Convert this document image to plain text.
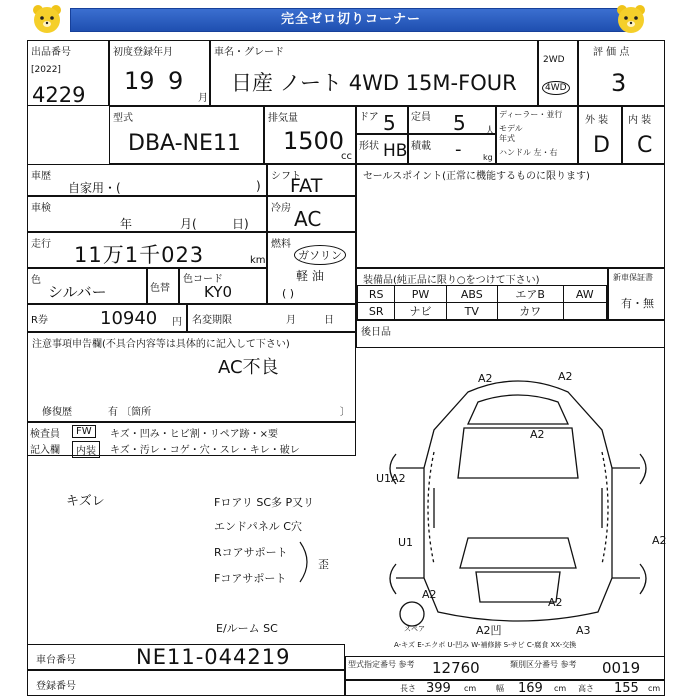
完全ゼロ切りコーナー
出品番号
[2022]
4229
初度登録年月
19 9
月
車名・グレード
日産 ノート 4WD 15M-FOUR
2WD
4WD
評 価 点
3
型式
DBA-NE11
排気量
1500
cc
ドア 5 定員 5 人
形状 HB 積載 -	kg
ディーラー・並行
モデル
年式
ハンドル 左・右
外 装
D
内 装
C
車歴
自家用・(	)
シフト
FAT
車検
年	月(	日)
冷房 AC
走行 11万1千023	km
燃料
ガソリン
軽 油
( )
色
シルバー	色替
色コード
KY0
セールスポイント(正常に機能するものに限ります)
装備品(純正品に限り○をつけて下さい)
RS	PW	ABS	エアB	AW
SR	ナビ	TV	カワ	
新車保証書
有・無
後日品
R券	10940 円 名変期限	月	日
注意事項申告欄(不具合内容等は具体的に記入して下さい)
AC不良
修復歴	有 〔箇所	〕
検査員
記入欄
FW	キズ・凹み・ヒビ割・リペア跡・×要
内装	キズ・汚レ・コゲ・穴・スレ・キレ・破レ
キズレ	Fロアリ SC多 P又リ
エンドパネル C穴
Rコアサポート
Fコアサポート
歪
E/ルーム SC
A2	A2
A2
U1A2
U1	A2
A2
A2
A2凹	A3
スペア
A-キズ E-エクボ U-凹み W-補修跡 S-サビ C-腐食 XX-交換
車台番号	NE11-044219	型式指定番号 参考 12760	類別区分番号 参考 0019
登録番号	長さ 399 cm 幅 169 cm 高さ 155 cm
